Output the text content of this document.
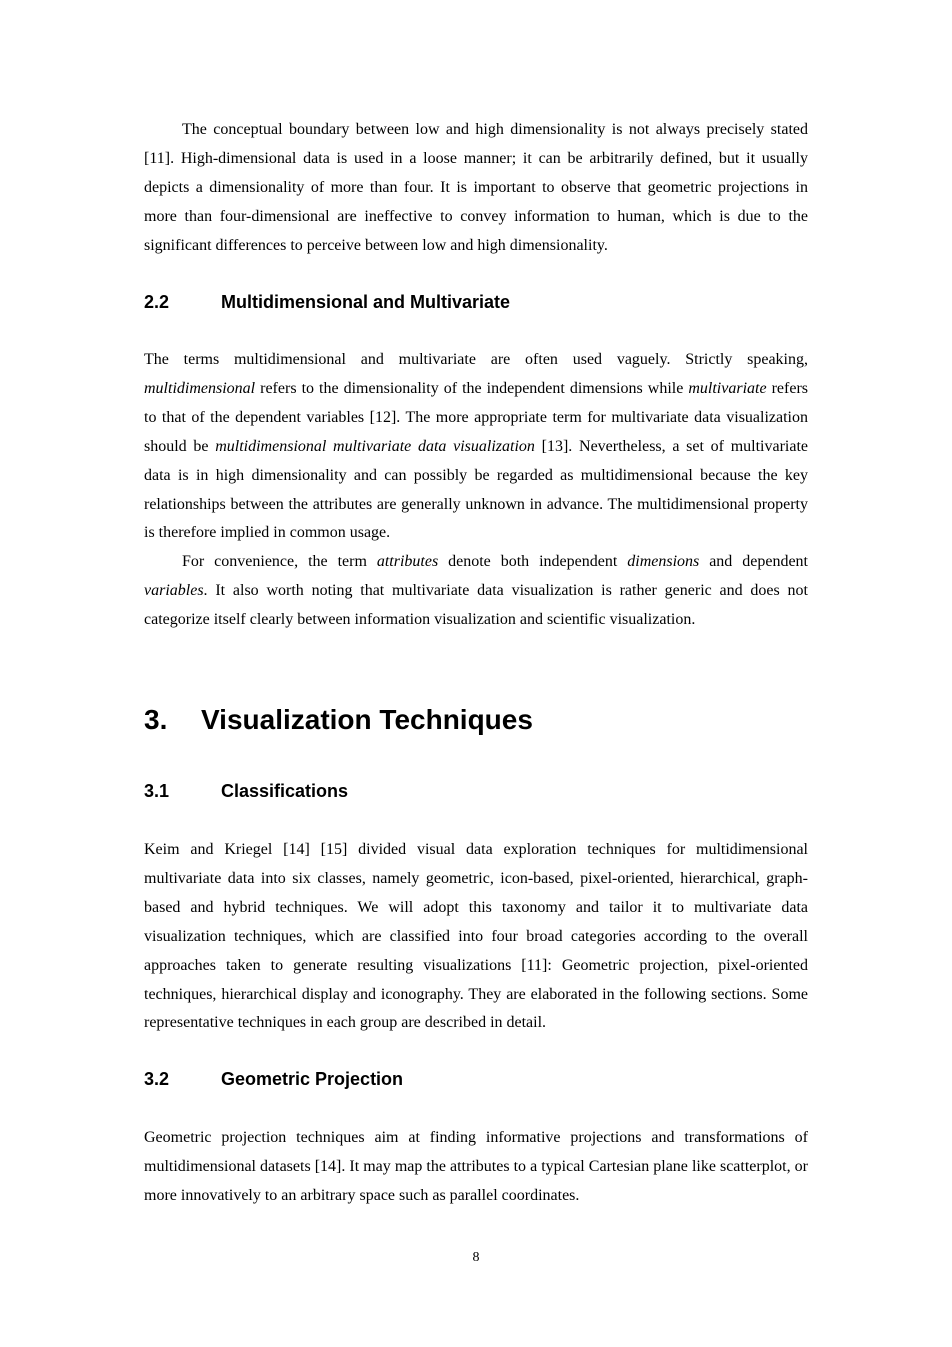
The conceptual boundary between low and high dimensionality is not always precisely stated [11]. High-dimensional data is used in a loose manner; it can be arbitrarily defined, but it usually depicts a dimensionality of more than four. It is important to observe that geometric projections in more than four-dimensional are ineffective to convey information to human, which is due to the significant differences to perceive between low and high dimensionality.

2.2	Multidimensional and Multivariate

The terms multidimensional and multivariate are often used vaguely. Strictly speaking, multidimensional refers to the dimensionality of the independent dimensions while multivariate refers to that of the dependent variables [12]. The more appropriate term for multivariate data visualization should be multidimensional multivariate data visualization [13]. Nevertheless, a set of multivariate data is in high dimensionality and can possibly be regarded as multidimensional because the key relationships between the attributes are generally unknown in advance. The multidimensional property is therefore implied in common usage.

For convenience, the term attributes denote both independent dimensions and dependent variables. It also worth noting that multivariate data visualization is rather generic and does not categorize itself clearly between information visualization and scientific visualization.

3.	Visualization Techniques
3.1	Classifications

Keim and Kriegel [14] [15] divided visual data exploration techniques for multidimensional multivariate data into six classes, namely geometric, icon-based, pixel-oriented, hierarchical, graph-based and hybrid techniques. We will adopt this taxonomy and tailor it to multivariate data visualization techniques, which are classified into four broad categories according to the overall approaches taken to generate resulting visualizations [11]: Geometric projection, pixel-oriented techniques, hierarchical display and iconography. They are elaborated in the following sections. Some representative techniques in each group are described in detail.

3.2	Geometric Projection

Geometric projection techniques aim at finding informative projections and transformations of multidimensional datasets [14]. It may map the attributes to a typical Cartesian plane like scatterplot, or more innovatively to an arbitrary space such as parallel coordinates.

8
